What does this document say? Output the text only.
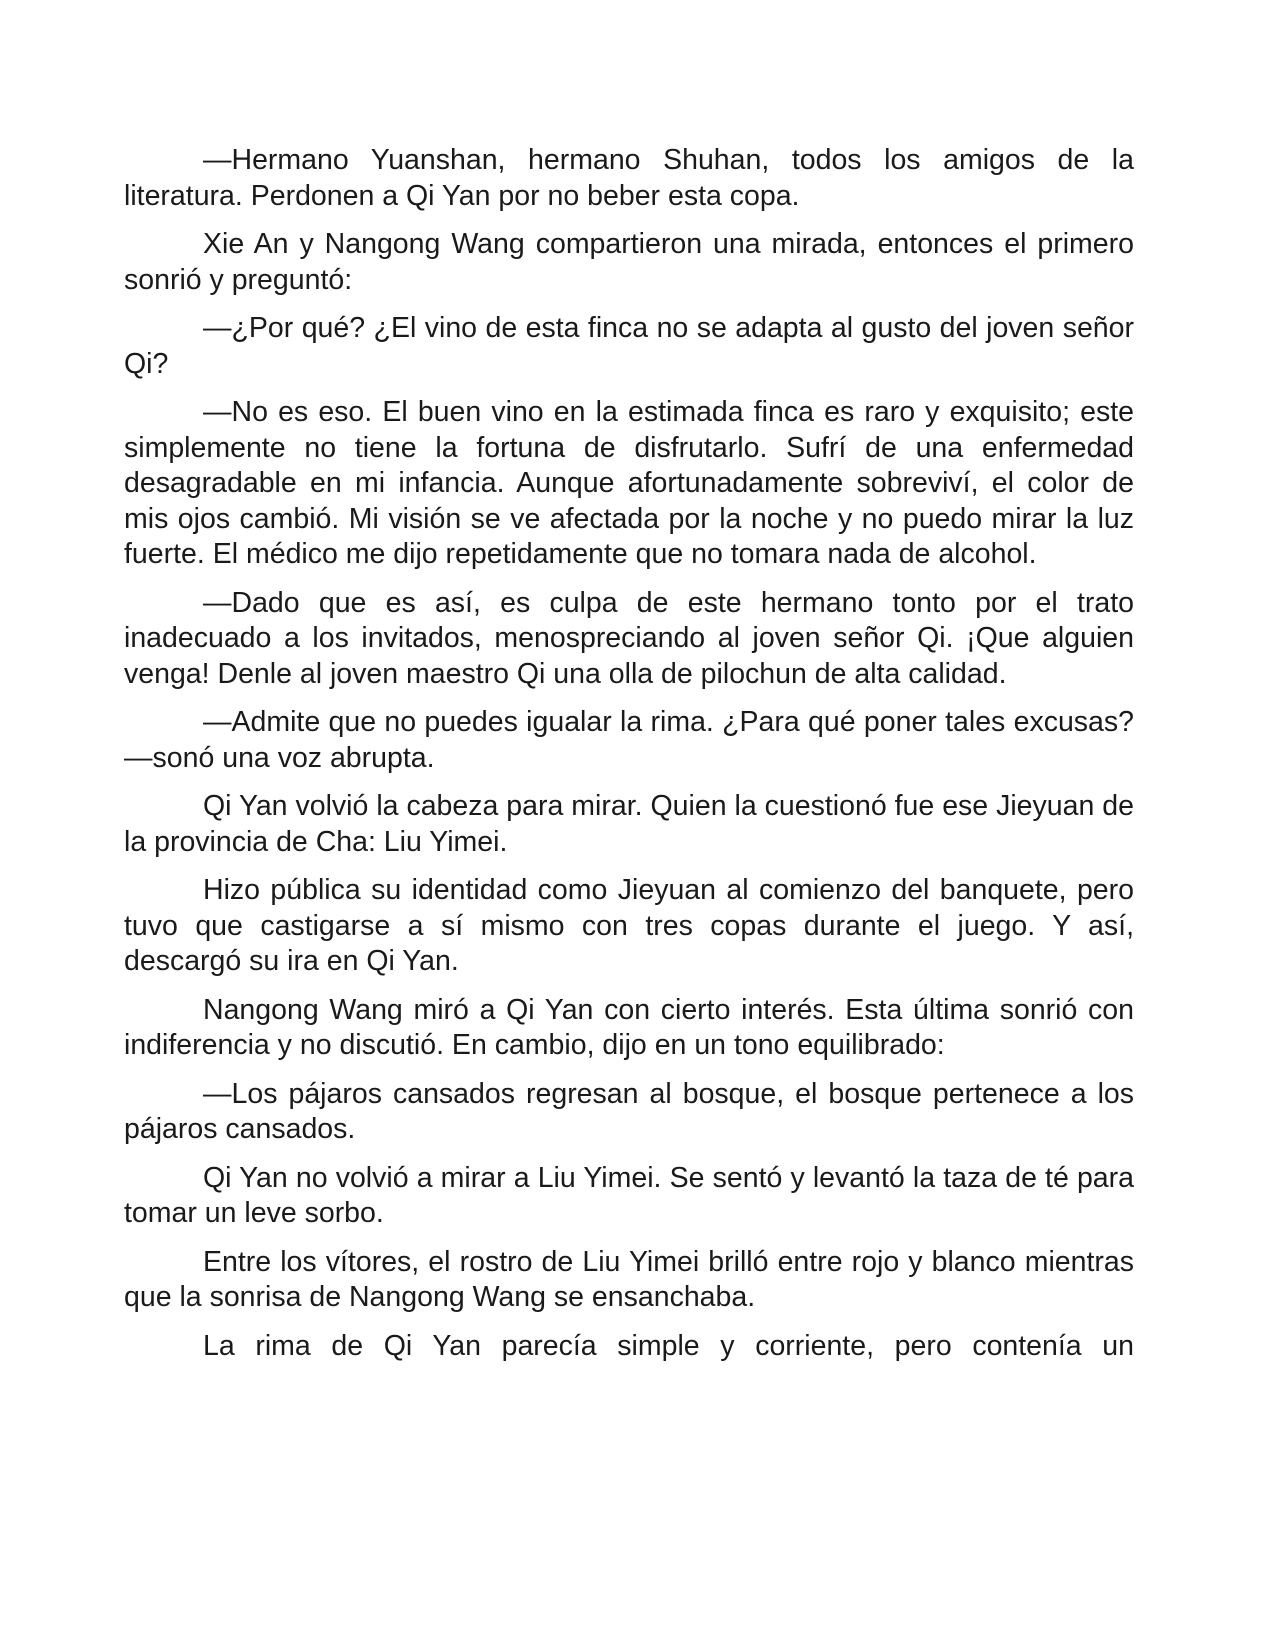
—Hermano Yuanshan, hermano Shuhan, todos los amigos de la literatura. Perdonen a Qi Yan por no beber esta copa.

Xie An y Nangong Wang compartieron una mirada, entonces el primero sonrió y preguntó:

—¿Por qué? ¿El vino de esta finca no se adapta al gusto del joven señor Qi?

—No es eso. El buen vino en la estimada finca es raro y exquisito; este simplemente no tiene la fortuna de disfrutarlo. Sufrí de una enfermedad desagradable en mi infancia. Aunque afortunadamente sobreviví, el color de mis ojos cambió. Mi visión se ve afectada por la noche y no puedo mirar la luz fuerte. El médico me dijo repetidamente que no tomara nada de alcohol.

—Dado que es así, es culpa de este hermano tonto por el trato inadecuado a los invitados, menospreciando al joven señor Qi. ¡Que alguien venga! Denle al joven maestro Qi una olla de pilochun de alta calidad.

—Admite que no puedes igualar la rima. ¿Para qué poner tales excusas? —sonó una voz abrupta.

Qi Yan volvió la cabeza para mirar. Quien la cuestionó fue ese Jieyuan de la provincia de Cha: Liu Yimei.

Hizo pública su identidad como Jieyuan al comienzo del banquete, pero tuvo que castigarse a sí mismo con tres copas durante el juego. Y así, descargó su ira en Qi Yan.

Nangong Wang miró a Qi Yan con cierto interés. Esta última sonrió con indiferencia y no discutió. En cambio, dijo en un tono equilibrado:

—Los pájaros cansados regresan al bosque, el bosque pertenece a los pájaros cansados.

Qi Yan no volvió a mirar a Liu Yimei. Se sentó y levantó la taza de té para tomar un leve sorbo.

Entre los vítores, el rostro de Liu Yimei brilló entre rojo y blanco mientras que la sonrisa de Nangong Wang se ensanchaba.

La rima de Qi Yan parecía simple y corriente, pero contenía un
